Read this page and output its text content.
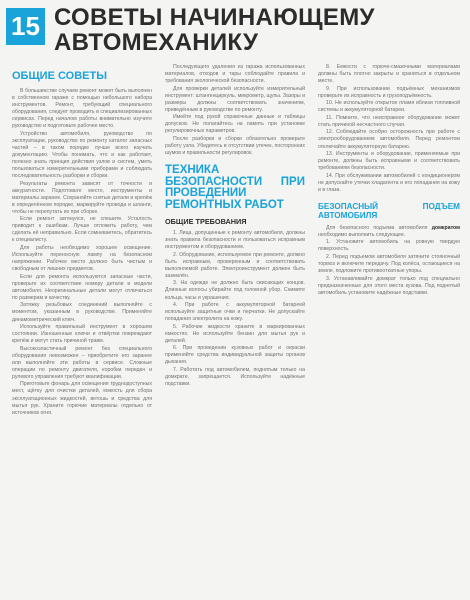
15 СОВЕТЫ НАЧИНАЮЩЕМУ
АВТОМЕХАНИКУ
ОБЩИЕ СОВЕТЫ

В большинстве случаев ремонт может быть выполнен в собственном гараже с помощью небольшого набора инструментов. Ремонт, требующий специального оборудования, следует проводить в специализированных сервисах. Перед началом работы внимательно изучите руководство и подготовьте рабочее место.

Устройство автомобиля, руководство по эксплуатации, руководство по ремонту каталог запасных частей – в таком порядке лучше всего изучать документацию. Чтобы понимать, что и как работает, полезно знать принцип действия узлов и систем, уметь пользоваться измерительными приборами и соблюдать последовательность разборки и сборки.

Результаты ремонта зависят от точности и аккуратности. Подготовьте место, инструменты и материалы заранее. Сохраняйте снятые детали и крепёж в определённом порядке, маркируйте провода и шланги, чтобы не перепутать их при сборке.

Если ремонт затянулся, не спешите. Усталость приводит к ошибкам. Лучше отложить работу, чем сделать её неправильно. Если сомневаетесь, обратитесь к специалисту.

Для работы необходимо хорошее освещение. Используйте переносную лампу на безопасном напряжении. Рабочее место должно быть чистым и свободным от лишних предметов.

Если для ремонта используются запасные части, проверьте их соответствие номеру детали и модели автомобиля. Неоригинальные детали могут отличаться по размерам и качеству.

Затяжку резьбовых соединений выполняйте с моментом, указанным в руководстве. Применяйте динамометрический ключ.

Используйте правильный инструмент в хорошем состоянии. Изношенные ключи и отвёртки повреждают крепёж и могут стать причиной травм.

Высокоэластичный ремонт без специального оборудования невозможен – приобретите его заранее или выполняйте эти работы в сервисе. Сложные операции по ремонту двигателя, коробки передач и рулевого управления требуют квалификации.

Приготовьте фонарь для освещения труднодоступных мест, щётку для очистки деталей, емкость для сбора эксплуатационных жидкостей, ветошь и средства для мытья рук. Храните горючие материалы отдельно от источников огня.

Последующего удаления из гаража использованных материалов, отходов и тары соблюдайте правила и требования экологической безопасности.

Для проверки деталей используйте измерительный инструмент: штангенциркуль, микрометр, щупы. Зазоры и размеры должны соответствовать значениям, приведённым в руководстве по ремонту.

Имейте под рукой справочные данные и таблицы допусков. Не полагайтесь на память при установке регулировочных параметров.

После разборки и сборки обязательно проверьте работу узла. Убедитесь в отсутствии утечек, посторонних шумов и правильности регулировок.

ТЕХНИКА БЕЗОПАСНОСТИ ПРИ ПРОВЕДЕНИИ РЕМОНТНЫХ РАБОТ
ОБЩИЕ ТРЕБОВАНИЯ

1. Лица, допущенные к ремонту автомобиля, должны знать правила безопасности и пользоваться исправным инструментом и оборудованием.

2. Оборудование, используемое при ремонте, должно быть исправным, проверенным и соответствовать выполняемой работе. Электроинструмент должен быть заземлён.

3. На одежде не должно быть свисающих концов. Длинные волосы убирайте под головной убор. Снимите кольца, часы и украшения.

4. При работе с аккумуляторной батареей используйте защитные очки и перчатки. Не допускайте попадания электролита на кожу.

5. Рабочие жидкости храните в маркированных емкостях. Не используйте бензин для мытья рук и деталей.

6. При проведении кузовных работ и окраски применяйте средства индивидуальной защиты органов дыхания.

7. Работать под автомобилем, поднятым только на домкрате, запрещается. Используйте надёжные подставки.

8. Емкости с горюче-смазочными материалами должны быть плотно закрыты и храниться в отдельном месте.

9. При использовании подъёмных механизмов проверьте их исправность и грузоподъёмность.

10. Не используйте открытое пламя вблизи топливной системы и аккумуляторной батареи.

11. Помните, что неисправное оборудование может стать причиной несчастного случая.

12. Соблюдайте особую осторожность при работе с электрооборудованием автомобиля. Перед ремонтом отключайте аккумуляторную батарею.

13. Инструменты и оборудование, применяемые при ремонте, должны быть исправными и соответствовать требованиям безопасности.

14. При обслуживании автомобилей с кондиционером не допускайте утечки хладагента и его попадания на кожу и в глаза.

БЕЗОПАСНЫЙ ПОДЪЕМ АВТОМОБИЛЯ

Для безопасного подъема автомобиля домкратом необходимо выполнить следующее.

1. Установите автомобиль на ровную твердую поверхность.

2. Перед подъемом автомобиля затяните стояночный тормоз и включите передачу. Под колёса, остающиеся на земле, подложите противооткатные упоры.

3. Устанавливайте домкрат только под специально предназначенные для этого места кузова. Под поднятый автомобиль установите надёжные подставки.
